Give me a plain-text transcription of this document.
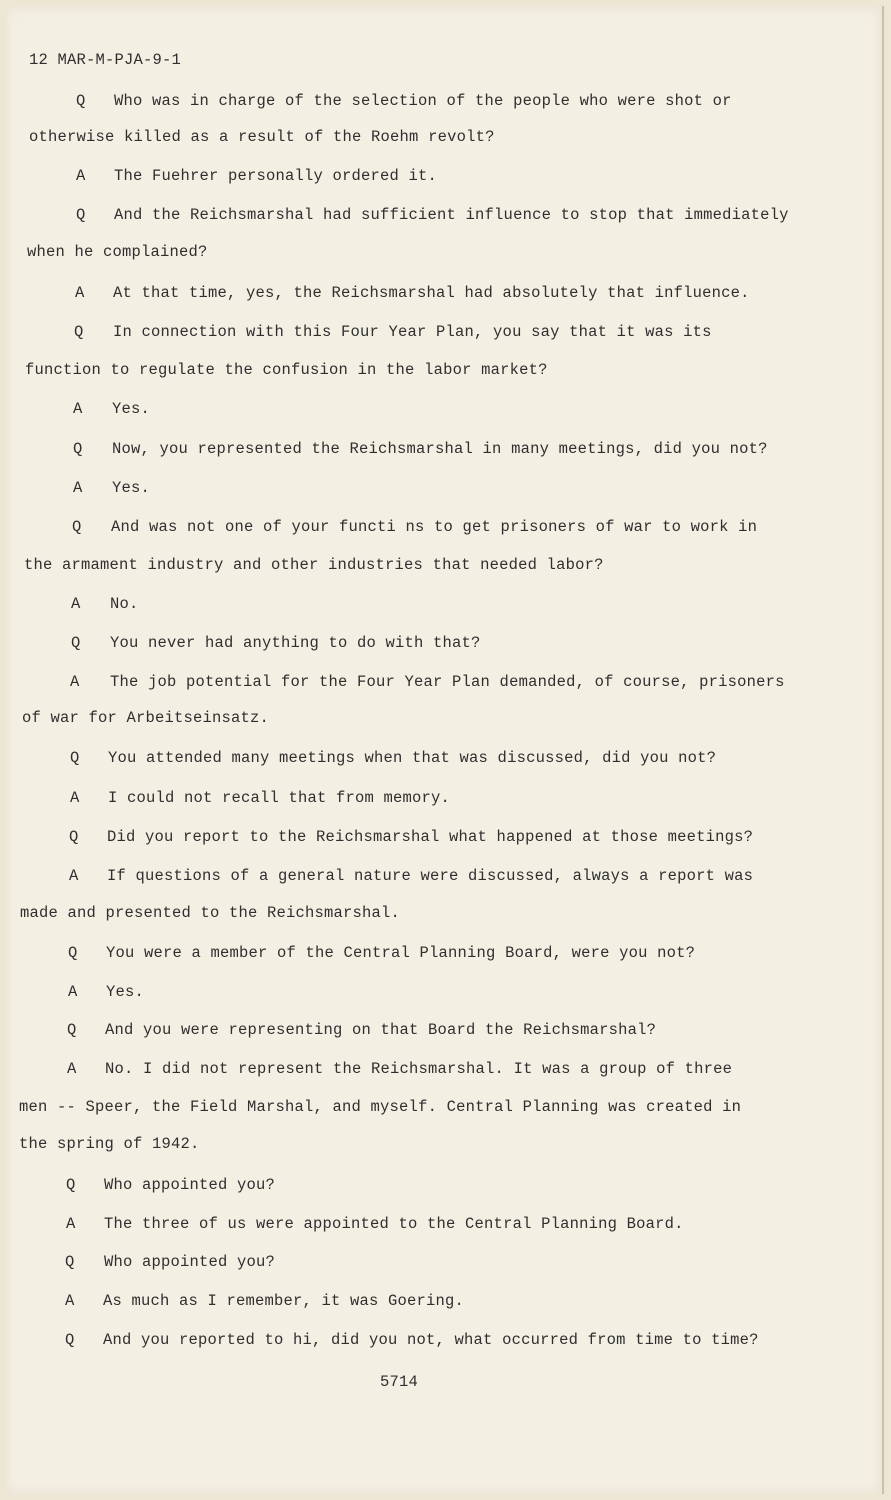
12 MAR-M-PJA-9-1
Q Who was in charge of the selection of the people who were shot or
otherwise killed as a result of the Roehm revolt?
A The Fuehrer personally ordered it.
Q And the Reichsmarshal had sufficient influence to stop that immediately
when he complained?
A At that time, yes, the Reichsmarshal had absolutely that influence.
Q In connection with this Four Year Plan, you say that it was its
function to regulate the confusion in the labor market?
A Yes.
Q Now, you represented the Reichsmarshal in many meetings, did you not?
A Yes.
Q And was not one of your functi ns to get prisoners of war to work in
the armament industry and other industries that needed labor?
A No.
Q You never had anything to do with that?
A The job potential for the Four Year Plan demanded, of course, prisoners
of war for Arbeitseinsatz.
Q You attended many meetings when that was discussed, did you not?
A I could not recall that from memory.
Q Did you report to the Reichsmarshal what happened at those meetings?
A If questions of a general nature were discussed, always a report was
made and presented to the Reichsmarshal.
Q You were a member of the Central Planning Board, were you not?
A Yes.
Q And you were representing on that Board the Reichsmarshal?
A No. I did not represent the Reichsmarshal. It was a group of three
men -- Speer, the Field Marshal, and myself. Central Planning was created in
the spring of 1942.
Q Who appointed you?
A The three of us were appointed to the Central Planning Board.
Q Who appointed you?
A As much as I remember, it was Goering.
Q And you reported to hi, did you not, what occurred from time to time?
5714
